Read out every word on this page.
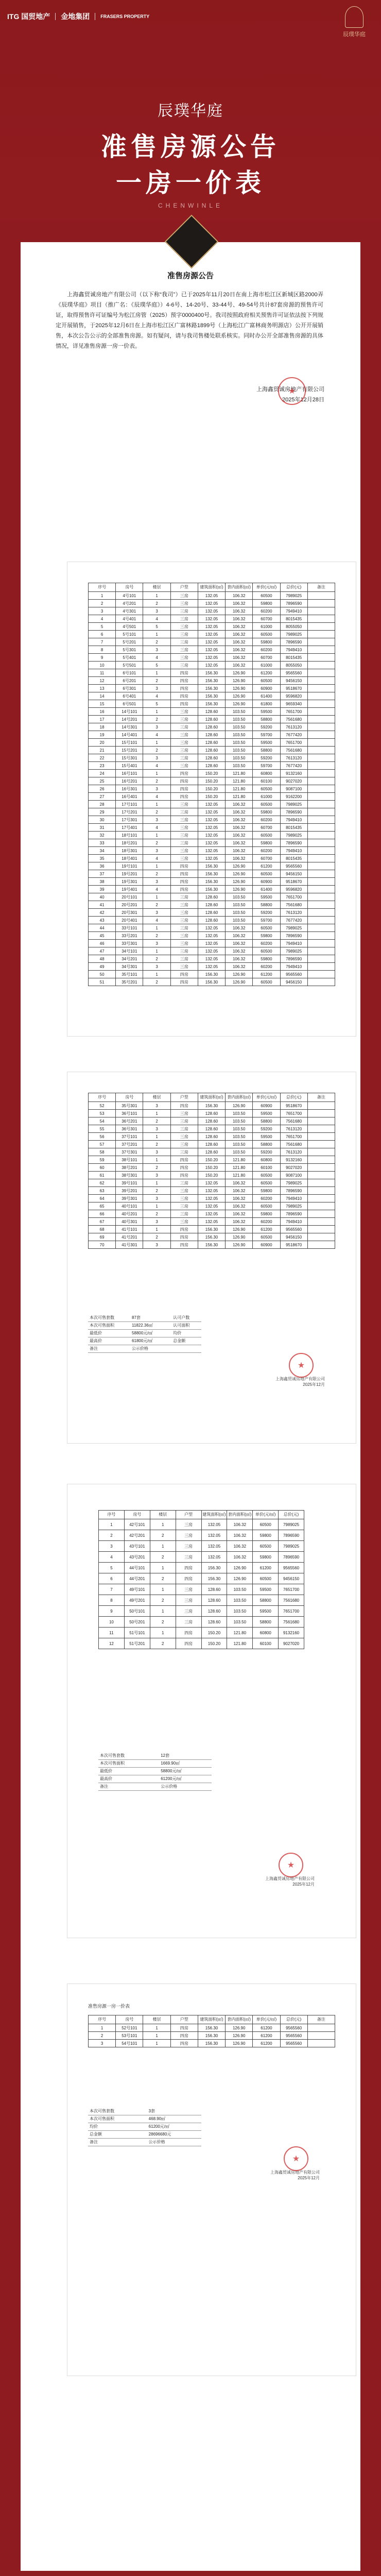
ITG 国贸地产 金地集团 FRASERS PROPERTY
辰璞华庭
辰璞华庭
准售房源公告
一房一价表
CHENWINLE
准售房源公告
上海鑫贸诚房地产有限公司（以下称“我司”）已于2025年11月20日在南上海市松江区新城区路2000弄《辰璞华庭》项目（推广名：《辰璞华庭》）4-6号、14-20号、33-44号、49-54号共计87套房源的预售许可证，取得预售许可证编号为松江房管（2025）预字0000400号。我司按照政府相关预售许可证依法按下列规定开展销售，于2025年12月6日在上海市松江区广富林路1899号（上海松江广富林商务明源店）公开开展销售，本次公告公示的全部准售房源。如有疑问，请与我司售楼处联系核实。同时办公开全部准售房源的具体情况，详见准售房源一房一价表。
上海鑫贸诚房地产有限公司
2025年12月28日
★
序号	房号	楼层	户型	建筑面积(㎡)	套内面积(㎡)	单价(元/㎡)	总价(元)	备注
1	4号101	1	三房	132.05	106.32	60500	7989025	
2	4号201	2	三房	132.05	106.32	59800	7896590	
3	4号301	3	三房	132.05	106.32	60200	7949410	
4	4号401	4	三房	132.05	106.32	60700	8015435	
5	4号501	5	三房	132.05	106.32	61000	8055050	
6	5号101	1	三房	132.05	106.32	60500	7989025	
7	5号201	2	三房	132.05	106.32	59800	7896590	
8	5号301	3	三房	132.05	106.32	60200	7949410	
9	5号401	4	三房	132.05	106.32	60700	8015435	
10	5号501	5	三房	132.05	106.32	61000	8055050	
11	6号101	1	四房	156.30	126.90	61200	9565560	
12	6号201	2	四房	156.30	126.90	60500	9456150	
13	6号301	3	四房	156.30	126.90	60900	9518670	
14	6号401	4	四房	156.30	126.90	61400	9596820	
15	6号501	5	四房	156.30	126.90	61800	9659340	
16	14号101	1	三房	128.60	103.50	59500	7651700	
17	14号201	2	三房	128.60	103.50	58800	7561680	
18	14号301	3	三房	128.60	103.50	59200	7613120	
19	14号401	4	三房	128.60	103.50	59700	7677420	
20	15号101	1	三房	128.60	103.50	59500	7651700	
21	15号201	2	三房	128.60	103.50	58800	7561680	
22	15号301	3	三房	128.60	103.50	59200	7613120	
23	15号401	4	三房	128.60	103.50	59700	7677420	
24	16号101	1	四房	150.20	121.80	60800	9132160	
25	16号201	2	四房	150.20	121.80	60100	9027020	
26	16号301	3	四房	150.20	121.80	60500	9087100	
27	16号401	4	四房	150.20	121.80	61000	9162200	
28	17号101	1	三房	132.05	106.32	60500	7989025	
29	17号201	2	三房	132.05	106.32	59800	7896590	
30	17号301	3	三房	132.05	106.32	60200	7949410	
31	17号401	4	三房	132.05	106.32	60700	8015435	
32	18号101	1	三房	132.05	106.32	60500	7989025	
33	18号201	2	三房	132.05	106.32	59800	7896590	
34	18号301	3	三房	132.05	106.32	60200	7949410	
35	18号401	4	三房	132.05	106.32	60700	8015435	
36	19号101	1	四房	156.30	126.90	61200	9565560	
37	19号201	2	四房	156.30	126.90	60500	9456150	
38	19号301	3	四房	156.30	126.90	60900	9518670	
39	19号401	4	四房	156.30	126.90	61400	9596820	
40	20号101	1	三房	128.60	103.50	59500	7651700	
41	20号201	2	三房	128.60	103.50	58800	7561680	
42	20号301	3	三房	128.60	103.50	59200	7613120	
43	20号401	4	三房	128.60	103.50	59700	7677420	
44	33号101	1	三房	132.05	106.32	60500	7989025	
45	33号201	2	三房	132.05	106.32	59800	7896590	
46	33号301	3	三房	132.05	106.32	60200	7949410	
47	34号101	1	三房	132.05	106.32	60500	7989025	
48	34号201	2	三房	132.05	106.32	59800	7896590	
49	34号301	3	三房	132.05	106.32	60200	7949410	
50	35号101	1	四房	156.30	126.90	61200	9565560	
51	35号201	2	四房	156.30	126.90	60500	9456150	
序号	房号	楼层	户型	建筑面积(㎡)	套内面积(㎡)	单价(元/㎡)	总价(元)	备注
52	35号301	3	四房	156.30	126.90	60900	9518670	
53	36号101	1	三房	128.60	103.50	59500	7651700	
54	36号201	2	三房	128.60	103.50	58800	7561680	
55	36号301	3	三房	128.60	103.50	59200	7613120	
56	37号101	1	三房	128.60	103.50	59500	7651700	
57	37号201	2	三房	128.60	103.50	58800	7561680	
58	37号301	3	三房	128.60	103.50	59200	7613120	
59	38号101	1	四房	150.20	121.80	60800	9132160	
60	38号201	2	四房	150.20	121.80	60100	9027020	
61	38号301	3	四房	150.20	121.80	60500	9087100	
62	39号101	1	三房	132.05	106.32	60500	7989025	
63	39号201	2	三房	132.05	106.32	59800	7896590	
64	39号301	3	三房	132.05	106.32	60200	7949410	
65	40号101	1	三房	132.05	106.32	60500	7989025	
66	40号201	2	三房	132.05	106.32	59800	7896590	
67	40号301	3	三房	132.05	106.32	60200	7949410	
68	41号101	1	四房	156.30	126.90	61200	9565560	
69	41号201	2	四房	156.30	126.90	60500	9456150	
70	41号301	3	四房	156.30	126.90	60900	9518670	
本次可售套数	87套		认可户数
本次可售面积	11822.36㎡		认可面积
最低价	58800元/㎡		均价
最高价	61800元/㎡		总金额
备注	公示价格		
上海鑫贸诚房地产有限公司
2025年12月
★
序号	房号	楼层	户型	建筑面积(㎡)	套内面积(㎡)	单价(元/㎡)	总价(元)
1	42号101	1	三房	132.05	106.32	60500	7989025
2	42号201	2	三房	132.05	106.32	59800	7896590
3	43号101	1	三房	132.05	106.32	60500	7989025
4	43号201	2	三房	132.05	106.32	59800	7896590
5	44号101	1	四房	156.30	126.90	61200	9565560
6	44号201	2	四房	156.30	126.90	60500	9456150
7	49号101	1	三房	128.60	103.50	59500	7651700
8	49号201	2	三房	128.60	103.50	58800	7561680
9	50号101	1	三房	128.60	103.50	59500	7651700
10	50号201	2	三房	128.60	103.50	58800	7561680
11	51号101	1	四房	150.20	121.80	60800	9132160
12	51号201	2	四房	150.20	121.80	60100	9027020
本次可售套数	12套
本次可售面积	1669.90㎡
最低价	58800元/㎡
最高价	61200元/㎡
备注	公示价格
上海鑫贸诚房地产有限公司
2025年12月
★
准售房源一房一价表
序号	房号	楼层	户型	建筑面积(㎡)	套内面积(㎡)	单价(元/㎡)	总价(元)	备注
1	52号101	1	四房	156.30	126.90	61200	9565560	
2	53号101	1	四房	156.30	126.90	61200	9565560	
3	54号101	1	四房	156.30	126.90	61200	9565560	
本次可售套数	3套
本次可售面积	468.90㎡
均价	61200元/㎡
总金额	28696680元
备注	公示价格
上海鑫贸诚房地产有限公司
2025年12月
★
